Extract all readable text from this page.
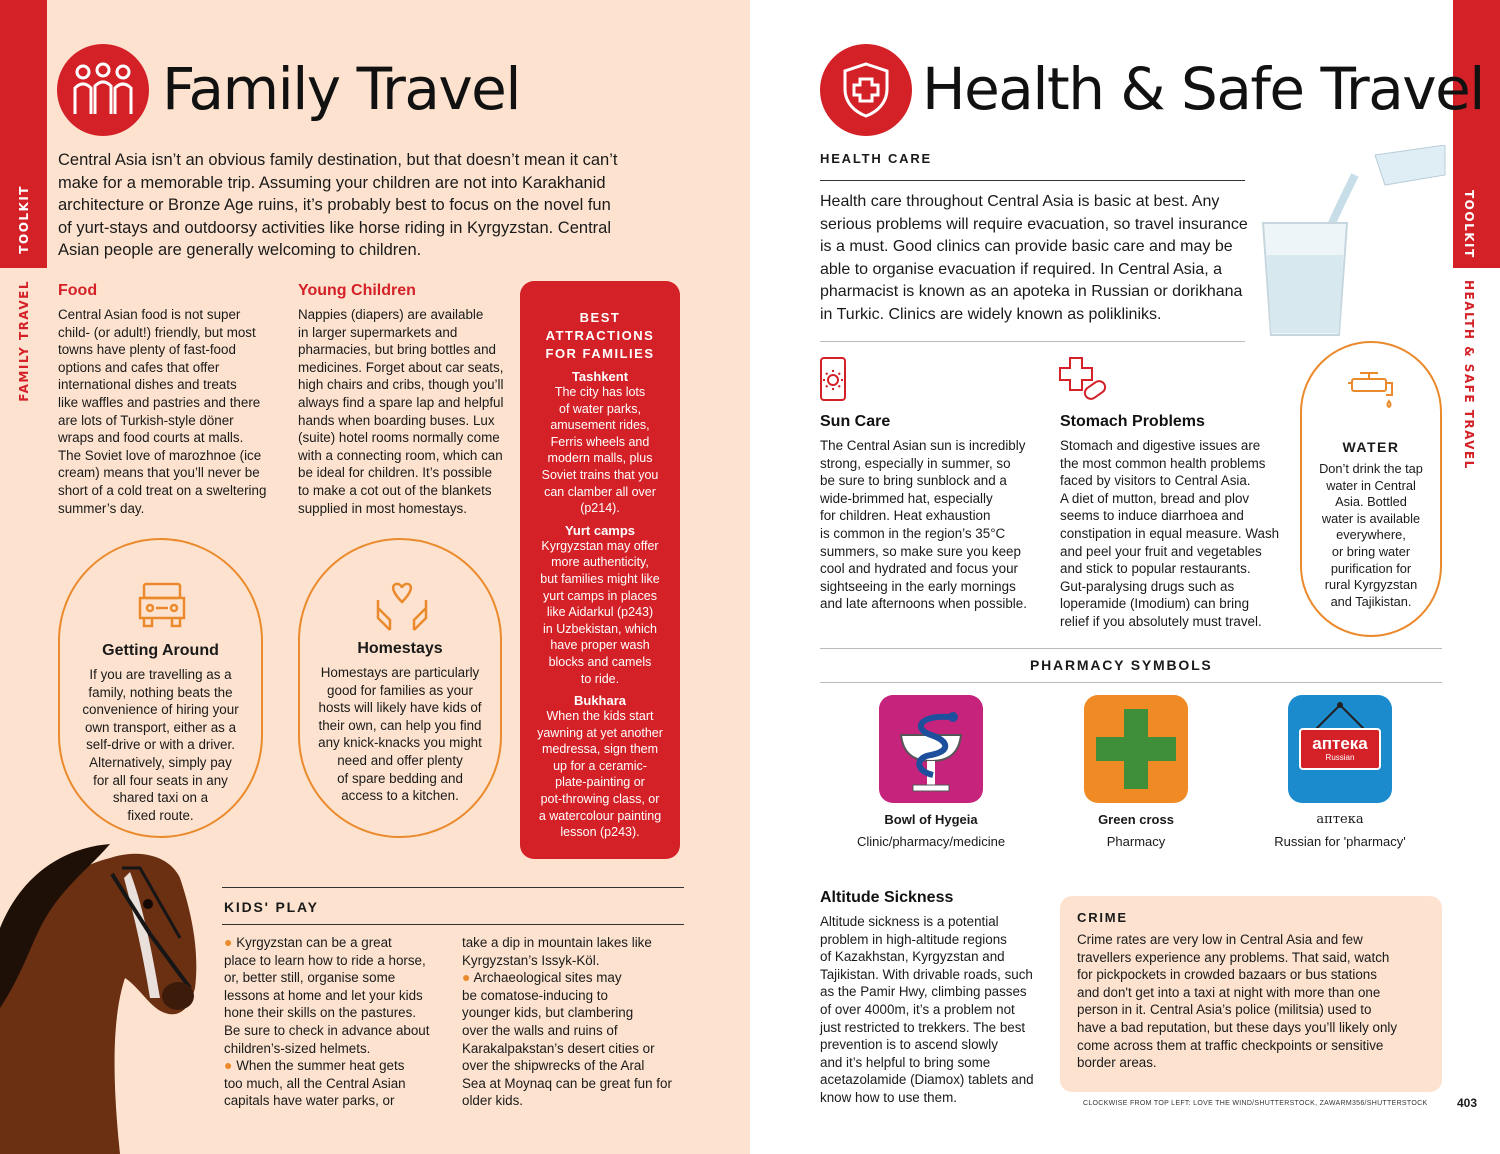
TOOLKIT
FAMILY TRAVEL
Family Travel
Central Asia isn’t an obvious family destination, but that doesn’t mean it can’t
make for a memorable trip. Assuming your children are not into Karakhanid
architecture or Bronze Age ruins, it’s probably best to focus on the novel fun
of yurt-stays and outdoorsy activities like horse riding in Kyrgyzstan. Central
Asian people are generally welcoming to children.
Food
Central Asian food is not super
child- (or adult!) friendly, but most
towns have plenty of fast-food
options and cafes that offer
international dishes and treats
like waffles and pastries and there
are lots of Turkish-style döner
wraps and food courts at malls.
The Soviet love of marozhnoe (ice
cream) means that you’ll never be
short of a cold treat on a sweltering
summer’s day.
Young Children
Nappies (diapers) are available
in larger supermarkets and
pharmacies, but bring bottles and
medicines. Forget about car seats,
high chairs and cribs, though you’ll
always find a spare lap and helpful
hands when boarding buses. Lux
(suite) hotel rooms normally come
with a connecting room, which can
be ideal for children. It’s possible
to make a cot out of the blankets
supplied in most homestays.
BEST
ATTRACTIONS
FOR FAMILIES
Tashkent
The city has lots
of water parks,
amusement rides,
Ferris wheels and
modern malls, plus
Soviet trains that you
can clamber all over
(p214).
Yurt camps
Kyrgyzstan may offer
more authenticity,
but families might like
yurt camps in places
like Aidarkul (p243)
in Uzbekistan, which
have proper wash
blocks and camels
to ride.
Bukhara
When the kids start
yawning at yet another
medressa, sign them
up for a ceramic-
plate-painting or
pot-throwing class, or
a watercolour painting
lesson (p243).
Getting Around

If you are travelling as a
family, nothing beats the
convenience of hiring your
own transport, either as a
self-drive or with a driver.
Alternatively, simply pay
for all four seats in any
shared taxi on a
fixed route.

Homestays

Homestays are particularly
good for families as your
hosts will likely have kids of
their own, can help you find
any knick-knacks you might
need and offer plenty
of spare bedding and
access to a kitchen.

KIDS' PLAY
● Kyrgyzstan can be a great
place to learn how to ride a horse,
or, better still, organise some
lessons at home and let your kids
hone their skills on the pastures.
Be sure to check in advance about
children’s-sized helmets.
● When the summer heat gets
too much, all the Central Asian
capitals have water parks, or
take a dip in mountain lakes like
Kyrgyzstan’s Issyk-Köl.
● Archaeological sites may
be comatose-inducing to
younger kids, but clambering
over the walls and ruins of
Karakalpakstan’s desert cities or
over the shipwrecks of the Aral
Sea at Moynaq can be great fun for
older kids.
TOOLKIT
HEALTH & SAFE TRAVEL
Health & Safe Travel
HEALTH CARE
Health care throughout Central Asia is basic at best. Any
serious problems will require evacuation, so travel insurance
is a must. Good clinics can provide basic care and may be
able to organise evacuation if required. In Central Asia, a
pharmacist is known as an apoteka in Russian or dorikhana
in Turkic. Clinics are widely known as polikliniks.
Sun Care
The Central Asian sun is incredibly
strong, especially in summer, so
be sure to bring sunblock and a
wide-brimmed hat, especially
for children. Heat exhaustion
is common in the region’s 35°C
summers, so make sure you keep
cool and hydrated and focus your
sightseeing in the early mornings
and late afternoons when possible.
Stomach Problems
Stomach and digestive issues are
the most common health problems
faced by visitors to Central Asia.
A diet of mutton, bread and plov
seems to induce diarrhoea and
constipation in equal measure. Wash
and peel your fruit and vegetables
and stick to popular restaurants.
Gut-paralysing drugs such as
loperamide (Imodium) can bring
relief if you absolutely must travel.
WATER

Don’t drink the tap
water in Central
Asia. Bottled
water is available
everywhere,
or bring water
purification for
rural Kyrgyzstan
and Tajikistan.

PHARMACY SYMBOLS
Bowl of Hygeia
Clinic/pharmacy/medicine
Green cross
Pharmacy
аптека
Russian
аптека
Russian for 'pharmacy'
Altitude Sickness
Altitude sickness is a potential
problem in high-altitude regions
of Kazakhstan, Kyrgyzstan and
Tajikistan. With drivable roads, such
as the Pamir Hwy, climbing passes
of over 4000m, it’s a problem not
just restricted to trekkers. The best
prevention is to ascend slowly
and it’s helpful to bring some
acetazolamide (Diamox) tablets and
know how to use them.
CRIME
Crime rates are very low in Central Asia and few
travellers experience any problems. That said, watch
for pickpockets in crowded bazaars or bus stations
and don't get into a taxi at night with more than one
person in it. Central Asia’s police (militsia) used to
have a bad reputation, but these days you’ll likely only
come across them at traffic checkpoints or sensitive
border areas.
CLOCKWISE FROM TOP LEFT: LOVE THE WIND/SHUTTERSTOCK, ZAWARM356/SHUTTERSTOCK 403
